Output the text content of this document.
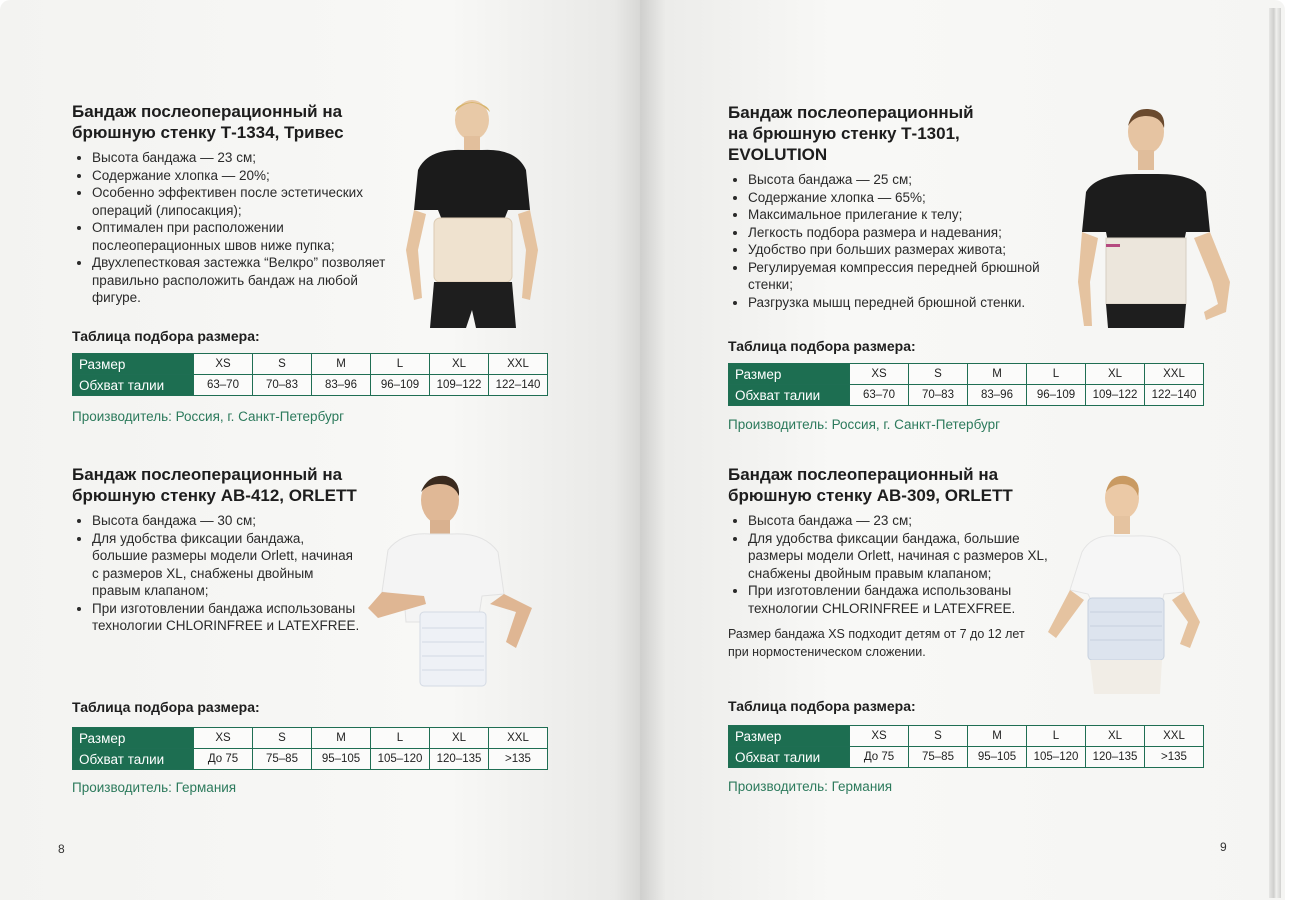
Бандаж послеоперационный на
брюшную стенку Т-1334, Тривес
• Высота бандажа — 23 см;
• Содержание хлопка — 20%;
• Особенно эффективен после эстетических операций (липосакция);
• Оптимален при расположении послеоперационных швов ниже пупка;
• Двухлепестковая застежка “Велкро” позволяет правильно расположить бандаж на любой фигуре.
Таблица подбора размера:
Размер	XS	S	M	L	XL	XXL
Обхват талии	63–70	70–83	83–96	96–109	109–122	122–140
Производитель: Россия, г. Санкт-Петербург
Бандаж послеоперационный на
брюшную стенку АВ-412, ORLETT
• Высота бандажа — 30 см;
• Для удобства фиксации бандажа, большие размеры модели Orlett, начиная с размеров XL, снабжены двойным правым клапаном;
• При изготовлении бандажа использованы технологии CHLORINFREE и LATEXFREE.
Таблица подбора размера:
Размер	XS	S	M	L	XL	XXL
Обхват талии	До 75	75–85	95–105	105–120	120–135	>135
Производитель: Германия
8
Бандаж послеоперационный
на брюшную стенку Т-1301,
EVOLUTION
• Высота бандажа — 25 см;
• Содержание хлопка — 65%;
• Максимальное прилегание к телу;
• Легкость подбора размера и надевания;
• Удобство при больших размерах живота;
• Регулируемая компрессия передней брюшной стенки;
• Разгрузка мышц передней брюшной стенки.
Таблица подбора размера:
Размер	XS	S	M	L	XL	XXL
Обхват талии	63–70	70–83	83–96	96–109	109–122	122–140
Производитель: Россия, г. Санкт-Петербург
Бандаж послеоперационный на
брюшную стенку АВ-309, ORLETT
• Высота бандажа — 23 см;
• Для удобства фиксации бандажа, большие размеры модели Orlett, начиная с размеров XL, снабжены двойным правым клапаном;
• При изготовлении бандажа использованы технологии CHLORINFREE и LATEXFREE.
Размер бандажа XS подходит детям от 7 до 12 лет
при нормостеническом сложении.
Таблица подбора размера:
Размер	XS	S	M	L	XL	XXL
Обхват талии	До 75	75–85	95–105	105–120	120–135	>135
Производитель: Германия
9
